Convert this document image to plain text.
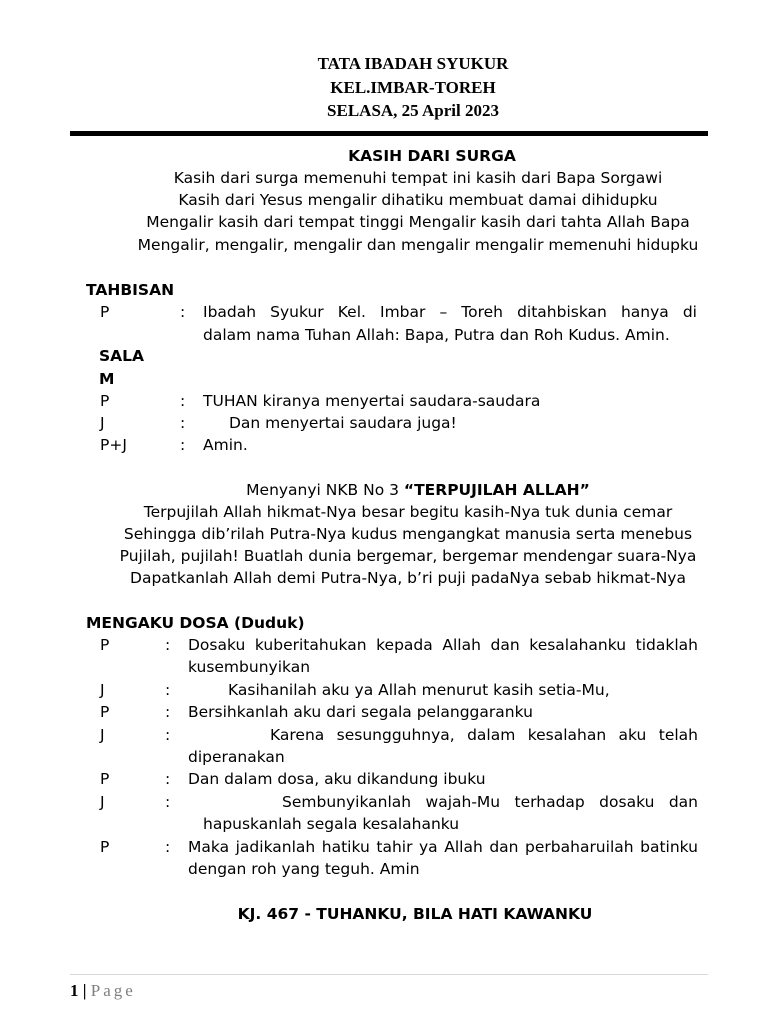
TATA IBADAH SYUKUR
KEL.IMBAR-TOREH
SELASA, 25 April 2023
KASIH DARI SURGA
Kasih dari surga memenuhi tempat ini kasih dari Bapa Sorgawi
Kasih dari Yesus mengalir dihatiku membuat damai dihidupku
Mengalir kasih dari tempat tinggi Mengalir kasih dari tahta Allah Bapa
Mengalir, mengalir, mengalir dan mengalir mengalir memenuhi hidupku
TAHBISAN
P	: Ibadah Syukur Kel. Imbar – Toreh ditahbiskan hanya di
dalam nama Tuhan Allah: Bapa, Putra dan Roh Kudus. Amin.
SALA
M
P	: TUHAN kiranya menyertai saudara-saudara
J	:	Dan menyertai saudara juga!
P+J	: Amin.
Menyanyi NKB No 3 “TERPUJILAH ALLAH”
Terpujilah Allah hikmat-Nya besar begitu kasih-Nya tuk dunia cemar
Sehingga dib’rilah Putra-Nya kudus mengangkat manusia serta menebus
Pujilah, pujilah! Buatlah dunia bergemar, bergemar mendengar suara-Nya
Dapatkanlah Allah demi Putra-Nya, b’ri puji padaNya sebab hikmat-Nya
MENGAKU DOSA (Duduk)
P	: Dosaku kuberitahukan kepada Allah dan kesalahanku tidaklah
kusembunyikan
J	:	Kasihanilah aku ya Allah menurut kasih setia-Mu,
P	: Bersihkanlah aku dari segala pelanggaranku
J	:	Karena sesungguhnya, dalam kesalahan aku telah
diperanakan
P	: Dan dalam dosa, aku dikandung ibuku
J	:	Sembunyikanlah wajah-Mu terhadap dosaku dan
hapuskanlah segala kesalahanku
P	: Maka jadikanlah hatiku tahir ya Allah dan perbaharuilah batinku
dengan roh yang teguh. Amin
KJ. 467 - TUHANKU, BILA HATI KAWANKU
1 | Page
